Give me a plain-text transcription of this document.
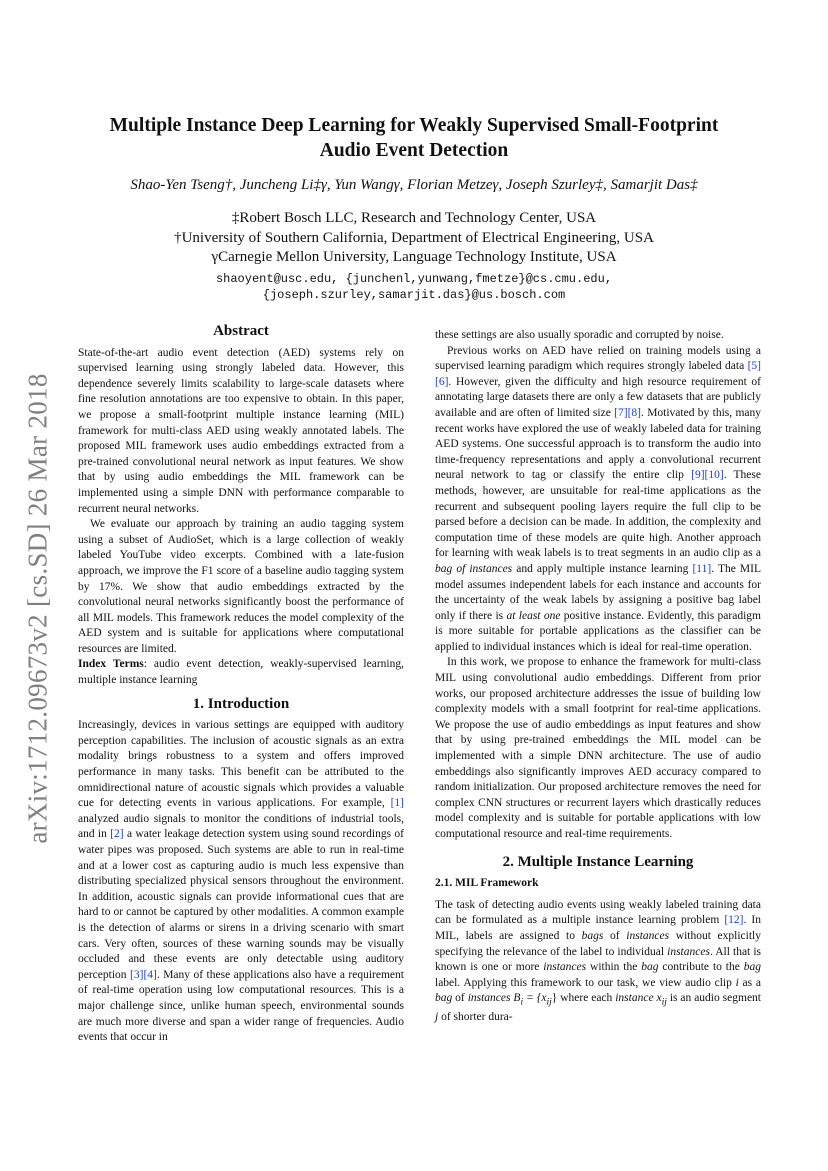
arXiv:1712.09673v2 [cs.SD] 26 Mar 2018
Multiple Instance Deep Learning for Weakly Supervised Small-Footprint
Audio Event Detection
Shao-Yen Tseng†, Juncheng Li‡γ, Yun Wangγ, Florian Metzeγ, Joseph Szurley‡, Samarjit Das‡
‡Robert Bosch LLC, Research and Technology Center, USA
†University of Southern California, Department of Electrical Engineering, USA
γCarnegie Mellon University, Language Technology Institute, USA
shaoyent@usc.edu, {junchenl,yunwang,fmetze}@cs.cmu.edu,
{joseph.szurley,samarjit.das}@us.bosch.com
Abstract

State-of-the-art audio event detection (AED) systems rely on supervised learning using strongly labeled data. However, this dependence severely limits scalability to large-scale datasets where fine resolution annotations are too expensive to obtain. In this paper, we propose a small-footprint multiple instance learning (MIL) framework for multi-class AED using weakly annotated labels. The proposed MIL framework uses audio embeddings extracted from a pre-trained convolutional neural network as input features. We show that by using audio embeddings the MIL framework can be implemented using a simple DNN with performance comparable to recurrent neural networks.

We evaluate our approach by training an audio tagging system using a subset of AudioSet, which is a large collection of weakly labeled YouTube video excerpts. Combined with a late-fusion approach, we improve the F1 score of a baseline audio tagging system by 17%. We show that audio embeddings extracted by the convolutional neural networks significantly boost the performance of all MIL models. This framework reduces the model complexity of the AED system and is suitable for applications where computational resources are limited.

Index Terms: audio event detection, weakly-supervised learning, multiple instance learning

1. Introduction

Increasingly, devices in various settings are equipped with auditory perception capabilities. The inclusion of acoustic signals as an extra modality brings robustness to a system and offers improved performance in many tasks. This benefit can be attributed to the omnidirectional nature of acoustic signals which provides a valuable cue for detecting events in various applications. For example, [1] analyzed audio signals to monitor the conditions of industrial tools, and in [2] a water leakage detection system using sound recordings of water pipes was proposed. Such systems are able to run in real-time and at a lower cost as capturing audio is much less expensive than distributing specialized physical sensors throughout the environment. In addition, acoustic signals can provide informational cues that are hard to or cannot be captured by other modalities. A common example is the detection of alarms or sirens in a driving scenario with smart cars. Very often, sources of these warning sounds may be visually occluded and these events are only detectable using auditory perception [3][4]. Many of these applications also have a requirement of real-time operation using low computational resources. This is a major challenge since, unlike human speech, environmental sounds are much more diverse and span a wider range of frequencies. Audio events that occur in

these settings are also usually sporadic and corrupted by noise.

Previous works on AED have relied on training models using a supervised learning paradigm which requires strongly labeled data [5][6]. However, given the difficulty and high resource requirement of annotating large datasets there are only a few datasets that are publicly available and are often of limited size [7][8]. Motivated by this, many recent works have explored the use of weakly labeled data for training AED systems. One successful approach is to transform the audio into time-frequency representations and apply a convolutional recurrent neural network to tag or classify the entire clip [9][10]. These methods, however, are unsuitable for real-time applications as the recurrent and subsequent pooling layers require the full clip to be parsed before a decision can be made. In addition, the complexity and computation time of these models are quite high. Another approach for learning with weak labels is to treat segments in an audio clip as a bag of instances and apply multiple instance learning [11]. The MIL model assumes independent labels for each instance and accounts for the uncertainty of the weak labels by assigning a positive bag label only if there is at least one positive instance. Evidently, this paradigm is more suitable for portable applications as the classifier can be applied to individual instances which is ideal for real-time operation.

In this work, we propose to enhance the framework for multi-class MIL using convolutional audio embeddings. Different from prior works, our proposed architecture addresses the issue of building low complexity models with a small footprint for real-time applications. We propose the use of audio embeddings as input features and show that by using pre-trained embeddings the MIL model can be implemented with a simple DNN architecture. The use of audio embeddings also significantly improves AED accuracy compared to random initialization. Our proposed architecture removes the need for complex CNN structures or recurrent layers which drastically reduces model complexity and is suitable for portable applications with low computational resource and real-time requirements.

2. Multiple Instance Learning
2.1. MIL Framework

The task of detecting audio events using weakly labeled training data can be formulated as a multiple instance learning problem [12]. In MIL, labels are assigned to bags of instances without explicitly specifying the relevance of the label to individual instances. All that is known is one or more instances within the bag contribute to the bag label. Applying this framework to our task, we view audio clip i as a bag of instances $B_i = \{x_{ij}\}$ where each instance $x_{ij}$ is an audio segment j of shorter dura-
